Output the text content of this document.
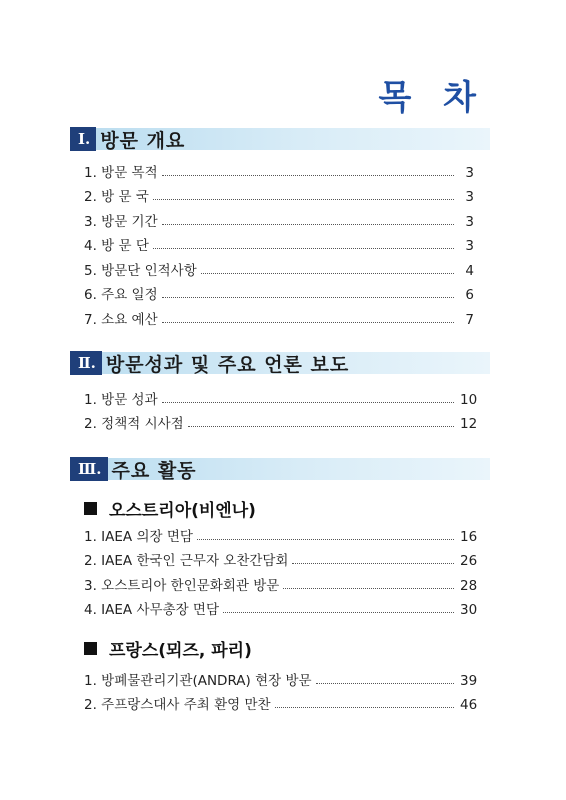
목 차
Ⅰ. 방문 개요
1. 방문 목적	3
2. 방 문 국	3
3. 방문 기간	3
4. 방 문 단	3
5. 방문단 인적사항	4
6. 주요 일정	6
7. 소요 예산	7
Ⅱ. 방문성과 및 주요 언론 보도
1. 방문 성과	10
2. 정책적 시사점	12
Ⅲ. 주요 활동
오스트리아(비엔나)
1. IAEA 의장 면담	16
2. IAEA 한국인 근무자 오찬간담회	26
3. 오스트리아 한인문화회관 방문	28
4. IAEA 사무총장 면담	30
프랑스(뫼즈, 파리)
1. 방폐물관리기관(ANDRA) 현장 방문	39
2. 주프랑스대사 주최 환영 만찬	46
